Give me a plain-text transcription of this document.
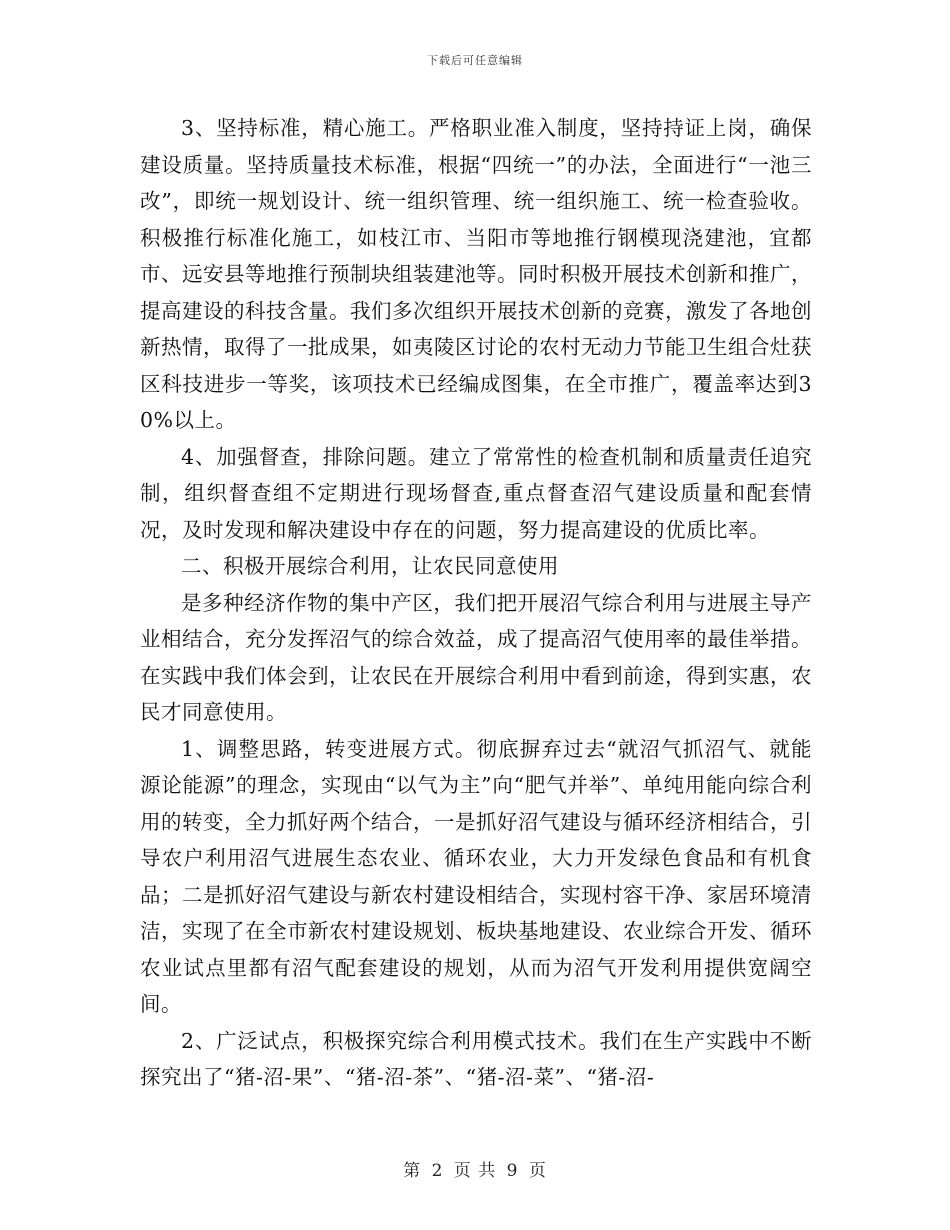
下载后可任意编辑

3、坚持标准，精心施工。严格职业准入制度，坚持持证上岗，确保建设质量。坚持质量技术标准，根据“四统一”的办法，全面进行“一池三改”，即统一规划设计、统一组织管理、统一组织施工、统一检查验收。积极推行标准化施工，如枝江市、当阳市等地推行钢模现浇建池，宜都市、远安县等地推行预制块组装建池等。同时积极开展技术创新和推广，提高建设的科技含量。我们多次组织开展技术创新的竞赛，激发了各地创新热情，取得了一批成果，如夷陵区讨论的农村无动力节能卫生组合灶获区科技进步一等奖，该项技术已经编成图集，在全市推广，覆盖率达到30%以上。

4、加强督查，排除问题。建立了常常性的检查机制和质量责任追究制，组织督查组不定期进行现场督查,重点督查沼气建设质量和配套情况，及时发现和解决建设中存在的问题，努力提高建设的优质比率。

二、积极开展综合利用，让农民同意使用

是多种经济作物的集中产区，我们把开展沼气综合利用与进展主导产业相结合，充分发挥沼气的综合效益，成了提高沼气使用率的最佳举措。在实践中我们体会到，让农民在开展综合利用中看到前途，得到实惠，农民才同意使用。

1、调整思路，转变进展方式。彻底摒弃过去“就沼气抓沼气、就能源论能源”的理念，实现由“以气为主”向“肥气并举”、单纯用能向综合利用的转变，全力抓好两个结合，一是抓好沼气建设与循环经济相结合，引导农户利用沼气进展生态农业、循环农业，大力开发绿色食品和有机食品；二是抓好沼气建设与新农村建设相结合，实现村容干净、家居环境清洁，实现了在全市新农村建设规划、板块基地建设、农业综合开发、循环农业试点里都有沼气配套建设的规划，从而为沼气开发利用提供宽阔空间。

2、广泛试点，积极探究综合利用模式技术。我们在生产实践中不断探究出了“猪-沼-果”、“猪-沼-茶”、“猪-沼-菜”、“猪-沼-

第 2 页 共 9 页
